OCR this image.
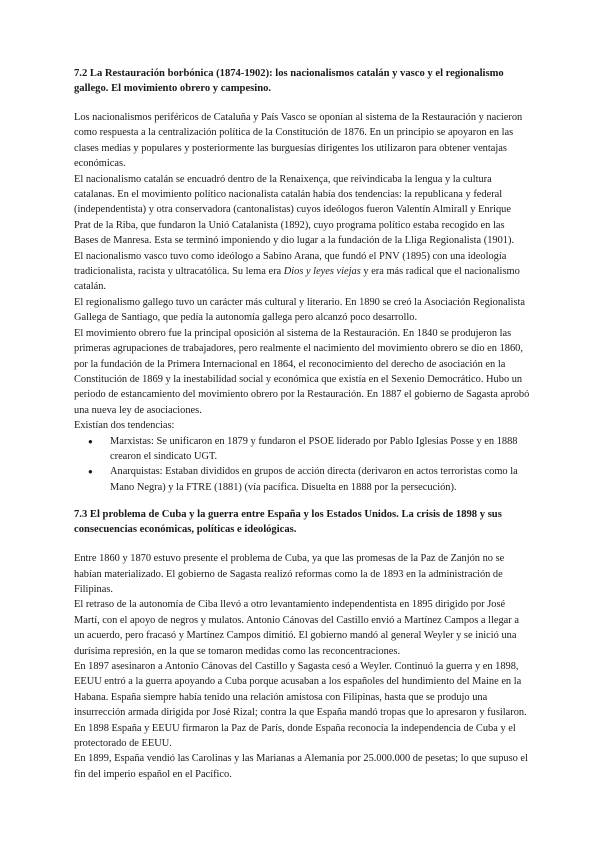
7.2 La Restauración borbónica (1874-1902): los nacionalismos catalán y vasco y el regionalismo gallego. El movimiento obrero y campesino.

Los nacionalismos periféricos de Cataluña y País Vasco se oponían al sistema de la Restauración y nacieron como respuesta a la centralización política de la Constitución de 1876. En un principio se apoyaron en las clases medias y populares y posteriormente las burguesías dirigentes los utilizaron para obtener ventajas económicas.

El nacionalismo catalán se encuadró dentro de la Renaixença, que reivindicaba la lengua y la cultura catalanas. En el movimiento político nacionalista catalán había dos tendencias: la republicana y federal (independentista) y otra conservadora (cantonalistas) cuyos ideólogos fueron Valentín Almirall y Enrique Prat de la Riba, que fundaron la Unió Catalanista (1892), cuyo programa político estaba recogido en las Bases de Manresa. Esta se terminó imponiendo y dio lugar a la fundación de la Lliga Regionalista (1901).

El nacionalismo vasco tuvo como ideólogo a Sabino Arana, que fundó el PNV (1895) con una ideología tradicionalista, racista y ultracatólica. Su lema era Dios y leyes viejas y era más radical que el nacionalismo catalán.

El regionalismo gallego tuvo un carácter más cultural y literario. En 1890 se creó la Asociación Regionalista Gallega de Santiago, que pedía la autonomía gallega pero alcanzó poco desarrollo.

El movimiento obrero fue la principal oposición al sistema de la Restauración. En 1840 se produjeron las primeras agrupaciones de trabajadores, pero realmente el nacimiento del movimiento obrero se dio en 1860, por la fundación de la Primera Internacional en 1864, el reconocimiento del derecho de asociación en la Constitución de 1869 y la inestabilidad social y económica que existía en el Sexenio Democrático. Hubo un periodo de estancamiento del movimiento obrero por la Restauración. En 1887 el gobierno de Sagasta aprobó una nueva ley de asociaciones.

Existían dos tendencias:

● Marxistas: Se unificaron en 1879 y fundaron el PSOE liderado por Pablo Iglesias Posse y en 1888 crearon el sindicato UGT.
● Anarquistas: Estaban divididos en grupos de acción directa (derivaron en actos terroristas como la Mano Negra) y la FTRE (1881) (vía pacífica. Disuelta en 1888 por la persecución).
7.3 El problema de Cuba y la guerra entre España y los Estados Unidos. La crisis de 1898 y sus consecuencias económicas, políticas e ideológicas.

Entre 1860 y 1870 estuvo presente el problema de Cuba, ya que las promesas de la Paz de Zanjón no se habían materializado. El gobierno de Sagasta realizó reformas como la de 1893 en la administración de Filipinas.

El retraso de la autonomía de Ciba llevó a otro levantamiento independentista en 1895 dirigido por José Martí, con el apoyo de negros y mulatos. Antonio Cánovas del Castillo envió a Martínez Campos a llegar a un acuerdo, pero fracasó y Martínez Campos dimitió. El gobierno mandó al general Weyler y se inició una durísima represión, en la que se tomaron medidas como las reconcentraciones.

En 1897 asesinaron a Antonio Cánovas del Castillo y Sagasta cesó a Weyler. Continuó la guerra y en 1898, EEUU entró a la guerra apoyando a Cuba porque acusaban a los españoles del hundimiento del Maine en la Habana. España siempre había tenido una relación amistosa con Filipinas, hasta que se produjo una insurrección armada dirigida por José Rizal; contra la que España mandó tropas que lo apresaron y fusilaron. En 1898 España y EEUU firmaron la Paz de París, donde España reconocía la independencia de Cuba y el protectorado de EEUU.

En 1899, España vendió las Carolinas y las Marianas a Alemania por 25.000.000 de pesetas; lo que supuso el fin del imperio español en el Pacífico.
